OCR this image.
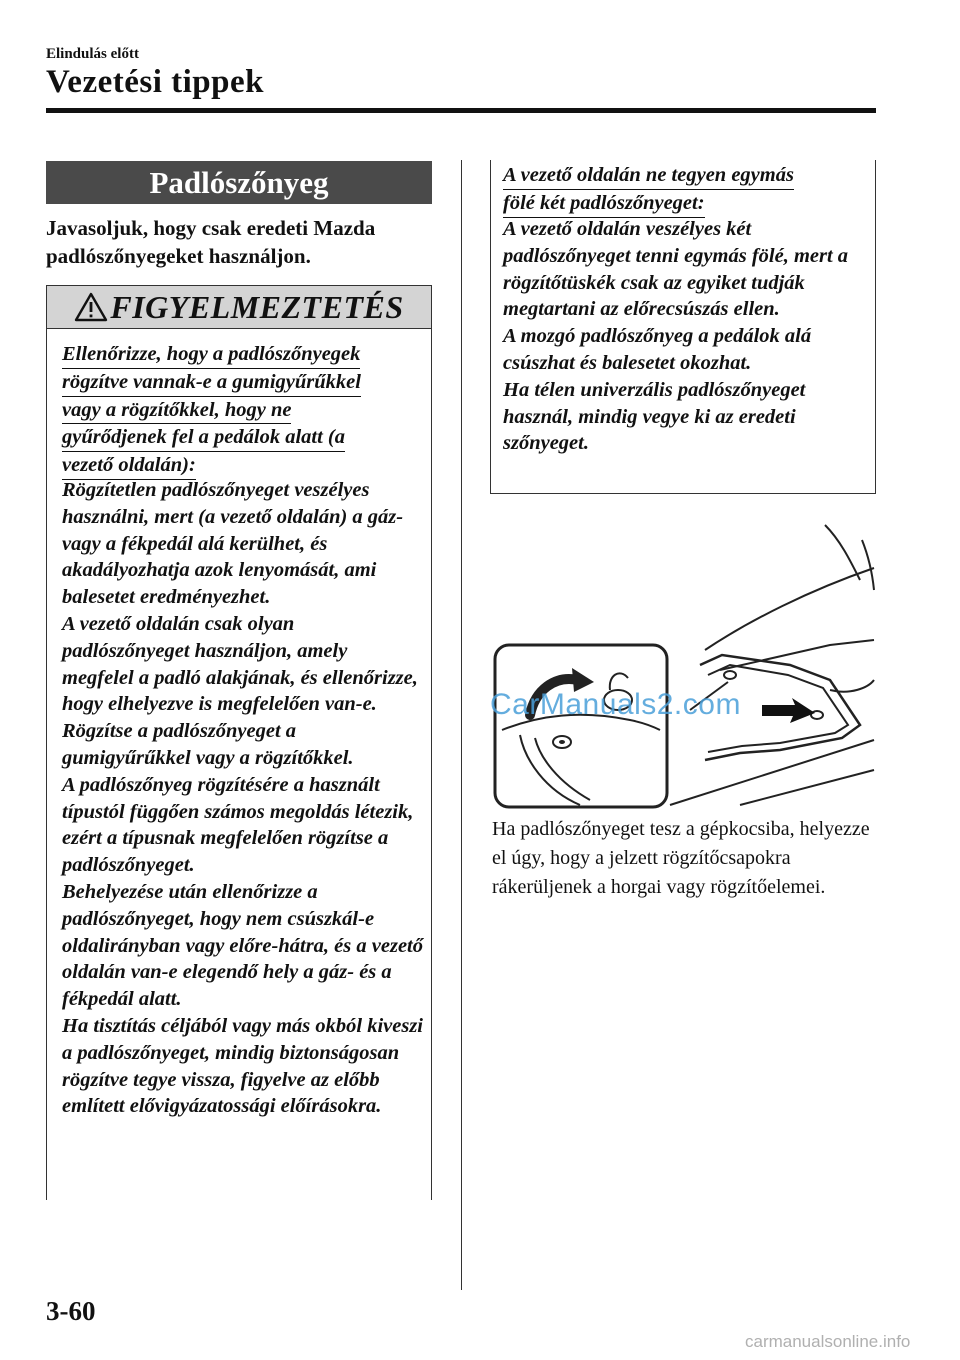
Elindulás előtt
Vezetési tippek
Padlószőnyeg
Javasoljuk, hogy csak eredeti Mazda padlószőnyegeket használjon.
FIGYELMEZTETÉS
Ellenőrizze, hogy a padlószőnyegek
rögzítve vannak-e a gumigyűrűkkel
vagy a rögzítőkkel, hogy ne
gyűrődjenek fel a pedálok alatt (a
vezető oldalán):
Rögzítetlen padlószőnyeget veszélyes használni, mert (a vezető oldalán) a gáz- vagy a fékpedál alá kerülhet, és akadályozhatja azok lenyomását, ami balesetet eredményezhet.
A vezető oldalán csak olyan padlószőnyeget használjon, amely megfelel a padló alakjának, és ellenőrizze, hogy elhelyezve is megfelelően van-e.
Rögzítse a padlószőnyeget a gumigyűrűkkel vagy a rögzítőkkel.
A padlószőnyeg rögzítésére a használt típustól függően számos megoldás létezik, ezért a típusnak megfelelően rögzítse a padlószőnyeget.
Behelyezése után ellenőrizze a padlószőnyeget, hogy nem csúszkál-e oldalirányban vagy előre-hátra, és a vezető oldalán van-e elegendő hely a gáz- és a fékpedál alatt.
Ha tisztítás céljából vagy más okból kiveszi a padlószőnyeget, mindig biztonságosan rögzítve tegye vissza, figyelve az előbb említett elővigyázatossági előírásokra.
A vezető oldalán ne tegyen egymás
fölé két padlószőnyeget:
A vezető oldalán veszélyes két padlószőnyeget tenni egymás fölé, mert a rögzítőtüskék csak az egyiket tudják megtartani az előrecsúszás ellen.
A mozgó padlószőnyeg a pedálok alá csúszhat és balesetet okozhat.
Ha télen univerzális padlószőnyeget használ, mindig vegye ki az eredeti szőnyeget.
CarManuals2.com
Ha padlószőnyeget tesz a gépkocsiba, helyezze el úgy, hogy a jelzett rögzítőcsapokra rákerüljenek a horgai vagy rögzítőelemei.
3-60
carmanualsonline.info
